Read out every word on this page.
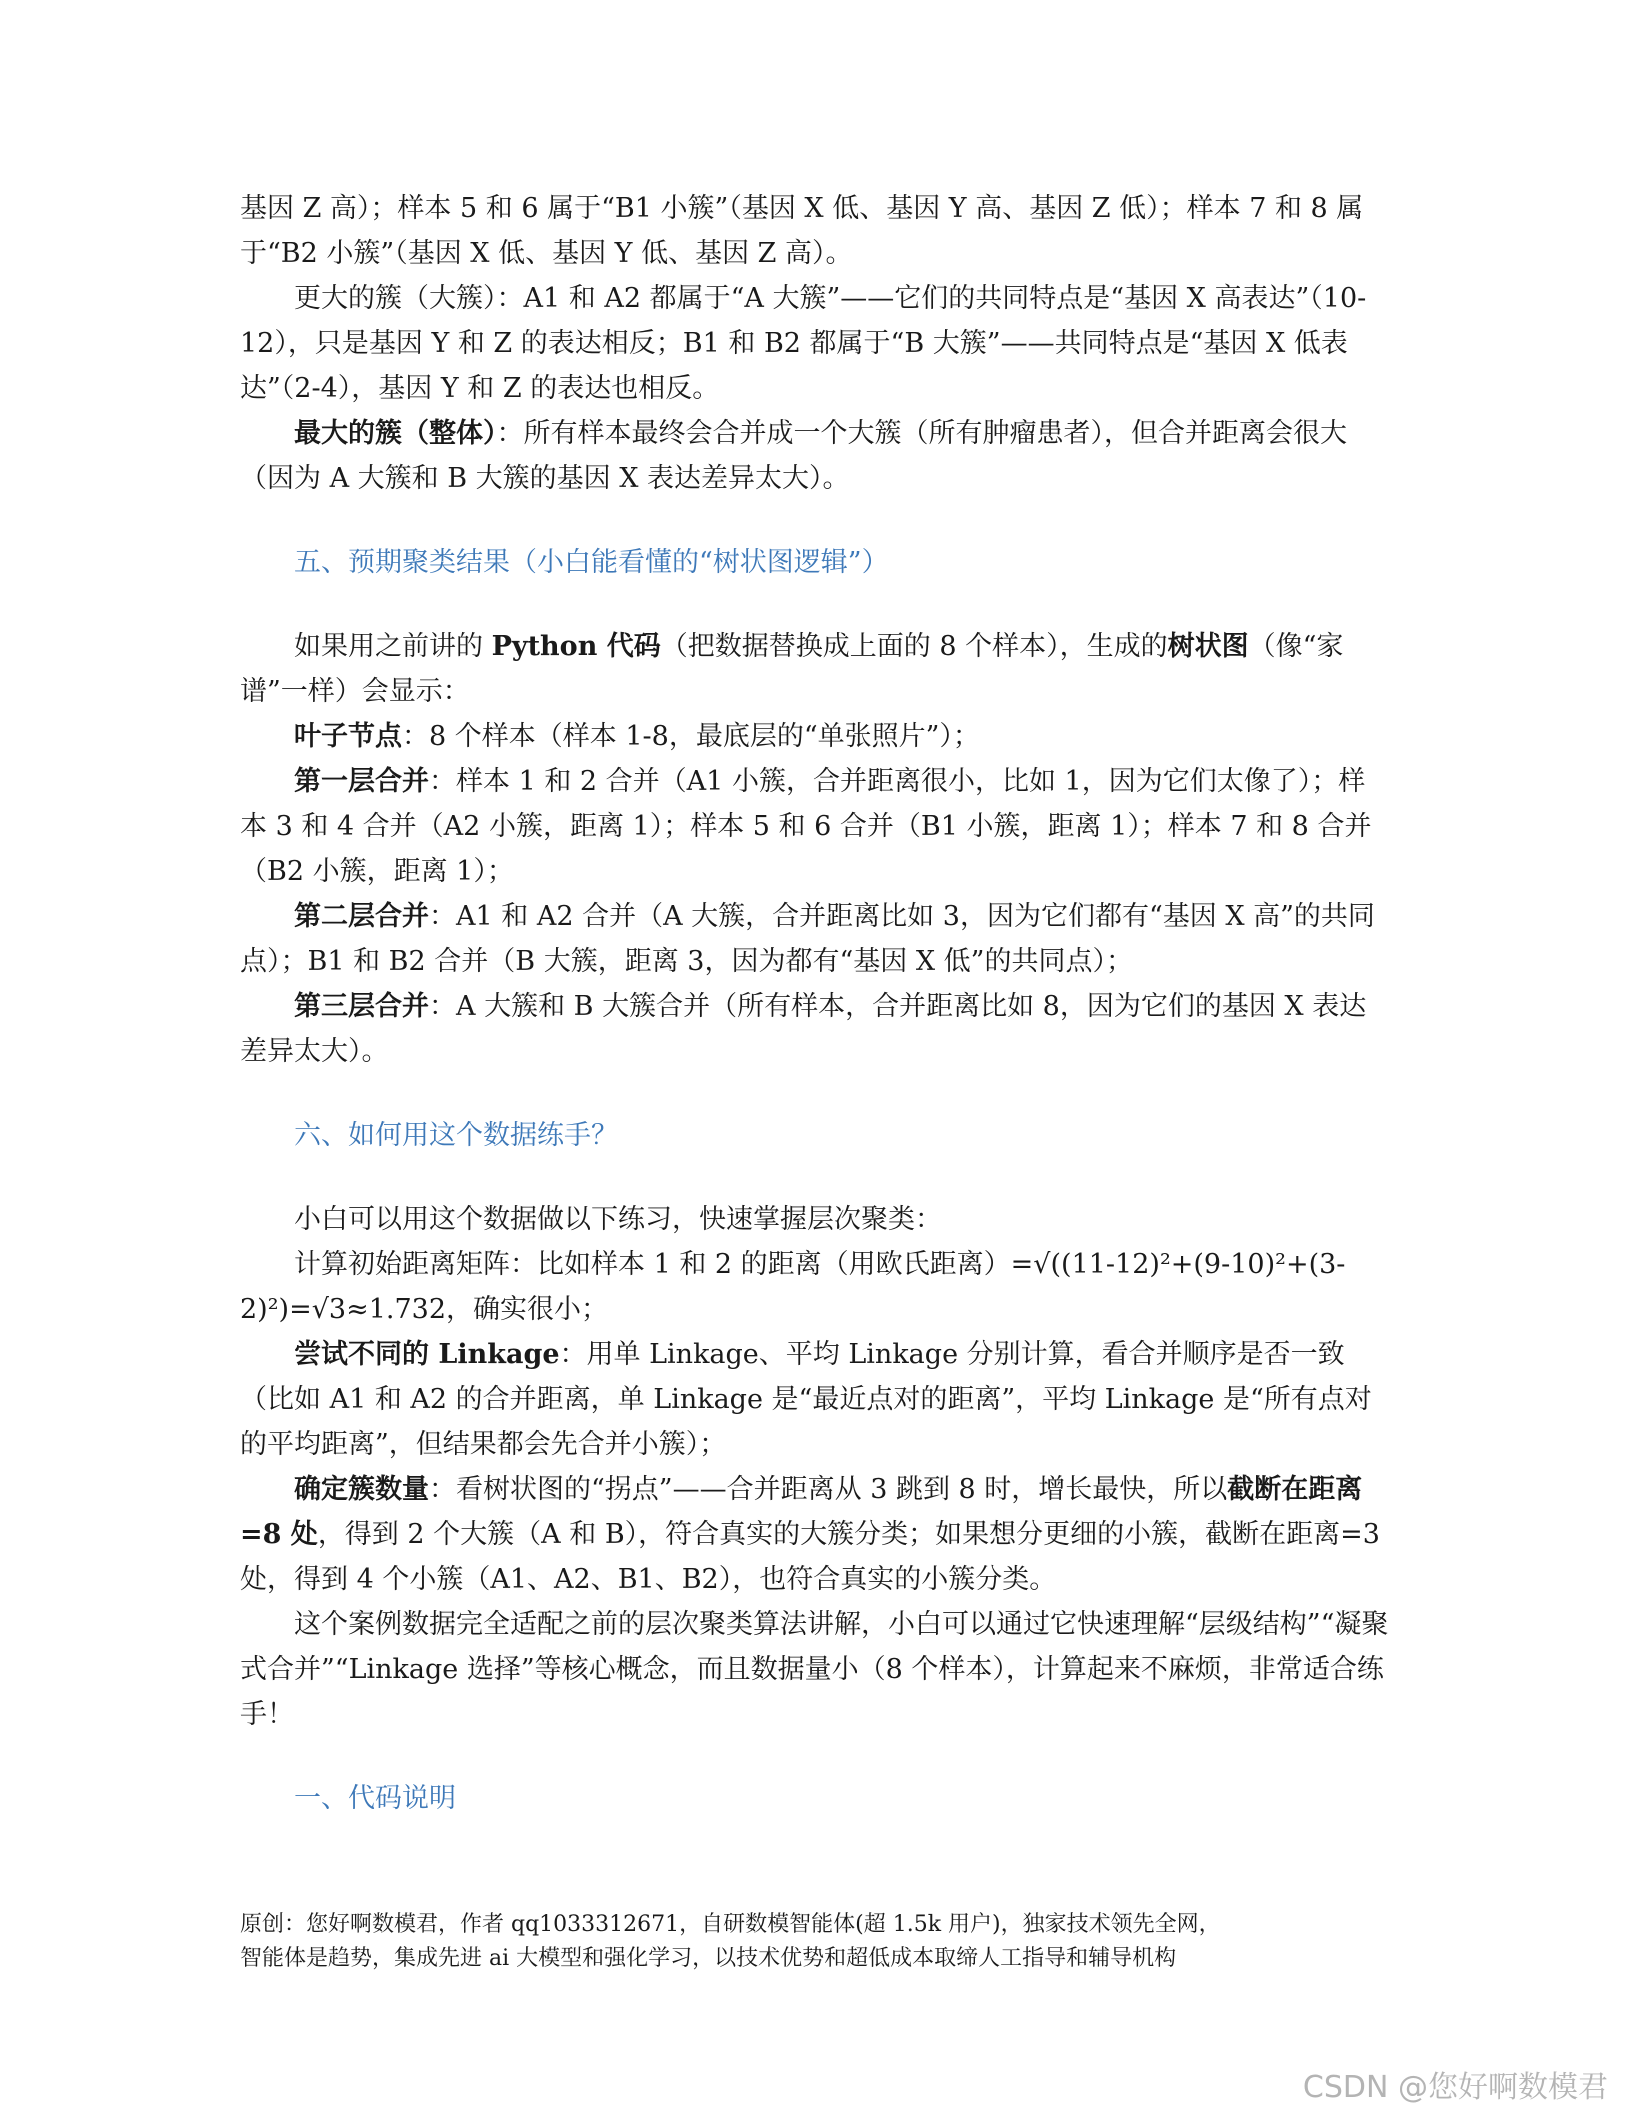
基因 Z 高）；样本 5 和 6 属于“B1 小簇”（基因 X 低、基因 Y 高、基因 Z 低）；样本 7 和 8 属于“B2 小簇”（基因 X 低、基因 Y 低、基因 Z 高）。

更大的簇（大簇）：A1 和 A2 都属于“A 大簇”——它们的共同特点是“基因 X 高表达”（10-12），只是基因 Y 和 Z 的表达相反；B1 和 B2 都属于“B 大簇”——共同特点是“基因 X 低表达”（2-4），基因 Y 和 Z 的表达也相反。

最大的簇（整体）：所有样本最终会合并成一个大簇（所有肿瘤患者），但合并距离会很大（因为 A 大簇和 B 大簇的基因 X 表达差异太大）。

五、预期聚类结果（小白能看懂的“树状图逻辑”）

如果用之前讲的 Python 代码（把数据替换成上面的 8 个样本），生成的树状图（像“家谱”一样）会显示：

叶子节点：8 个样本（样本 1-8，最底层的“单张照片”）；

第一层合并：样本 1 和 2 合并（A1 小簇，合并距离很小，比如 1，因为它们太像了）；样本 3 和 4 合并（A2 小簇，距离 1）；样本 5 和 6 合并（B1 小簇，距离 1）；样本 7 和 8 合并（B2 小簇，距离 1）；

第二层合并：A1 和 A2 合并（A 大簇，合并距离比如 3，因为它们都有“基因 X 高”的共同点）；B1 和 B2 合并（B 大簇，距离 3，因为都有“基因 X 低”的共同点）；

第三层合并：A 大簇和 B 大簇合并（所有样本，合并距离比如 8，因为它们的基因 X 表达差异太大）。

六、如何用这个数据练手？

小白可以用这个数据做以下练习，快速掌握层次聚类：

计算初始距离矩阵：比如样本 1 和 2 的距离（用欧氏距离）=√((11-12)²+(9-10)²+(3-2)²)=√3≈1.732，确实很小；

尝试不同的 Linkage：用单 Linkage、平均 Linkage 分别计算，看合并顺序是否一致（比如 A1 和 A2 的合并距离，单 Linkage 是“最近点对的距离”，平均 Linkage 是“所有点对的平均距离”，但结果都会先合并小簇）；

确定簇数量：看树状图的“拐点”——合并距离从 3 跳到 8 时，增长最快，所以截断在距离=8 处，得到 2 个大簇（A 和 B），符合真实的大簇分类；如果想分更细的小簇，截断在距离=3 处，得到 4 个小簇（A1、A2、B1、B2），也符合真实的小簇分类。

这个案例数据完全适配之前的层次聚类算法讲解，小白可以通过它快速理解“层级结构”“凝聚式合并”“Linkage 选择”等核心概念，而且数据量小（8 个样本），计算起来不麻烦，非常适合练手！

一、代码说明

原创：您好啊数模君，作者 qq1033312671，自研数模智能体(超 1.5k 用户)，独家技术领先全网，

智能体是趋势，集成先进 ai 大模型和强化学习，以技术优势和超低成本取缔人工指导和辅导机构

CSDN @您好啊数模君
